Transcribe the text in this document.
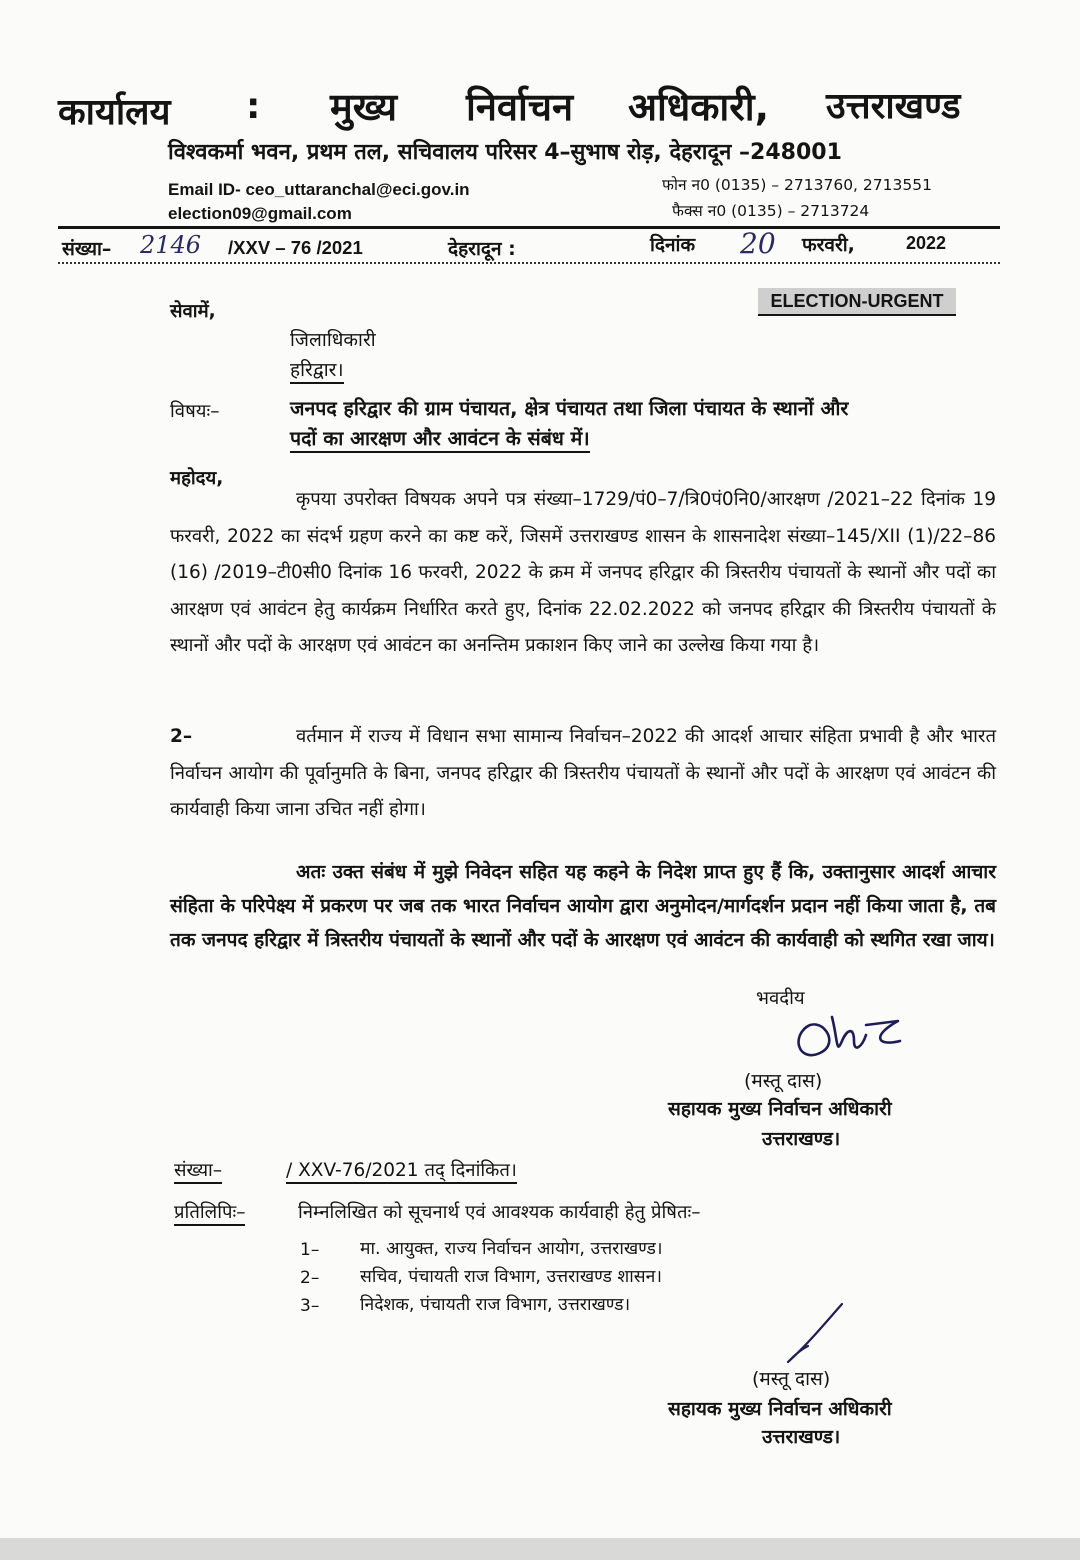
कार्यालय : मुख्य निर्वाचन अधिकारी, उत्तराखण्ड
विश्वकर्मा भवन, प्रथम तल, सचिवालय परिसर 4–सुभाष रोड़, देहरादून –248001
Email ID- ceo_uttaranchal@eci.gov.in
election09@gmail.com
फोन न0 (0135) – 2713760, 2713551
फैक्स न0 (0135) – 2713724
संख्या– 2146 /XXV – 76 /2021	देहरादून :	दिनांक 20 फरवरी,	2022
सेवामें,	ELECTION-URGENT
जिलाधिकारी
हरिद्वार।
विषयः–	जनपद हरिद्वार की ग्राम पंचायत, क्षेत्र पंचायत तथा जिला पंचायत के स्थानों और
पदों का आरक्षण और आवंटन के संबंध में।
महोदय,
कृपया उपरोक्त विषयक अपने पत्र संख्या–1729/पं0–7/त्रि0पं0नि0/आरक्षण /2021–22 दिनांक 19 फरवरी, 2022 का संदर्भ ग्रहण करने का कष्ट करें, जिसमें उत्तराखण्ड शासन के शासनादेश संख्या–145/XII (1)/22–86 (16) /2019–टी0सी0 दिनांक 16 फरवरी, 2022 के क्रम में जनपद हरिद्वार की त्रिस्तरीय पंचायतों के स्थानों और पदों का आरक्षण एवं आवंटन हेतु कार्यक्रम निर्धारित करते हुए, दिनांक 22.02.2022 को जनपद हरिद्वार की त्रिस्तरीय पंचायतों के स्थानों और पदों के आरक्षण एवं आवंटन का अनन्तिम प्रकाशन किए जाने का उल्लेख किया गया है।
2–	वर्तमान में राज्य में विधान सभा सामान्य निर्वाचन–2022 की आदर्श आचार संहिता प्रभावी है और भारत निर्वाचन आयोग की पूर्वानुमति के बिना, जनपद हरिद्वार की त्रिस्तरीय पंचायतों के स्थानों और पदों के आरक्षण एवं आवंटन की कार्यवाही किया जाना उचित नहीं होगा।
अतः उक्त संबंध में मुझे निवेदन सहित यह कहने के निदेश प्राप्त हुए हैं कि, उक्तानुसार आदर्श आचार संहिता के परिपेक्ष्य में प्रकरण पर जब तक भारत निर्वाचन आयोग द्वारा अनुमोदन/मार्गदर्शन प्रदान नहीं किया जाता है, तब तक जनपद हरिद्वार में त्रिस्तरीय पंचायतों के स्थानों और पदों के आरक्षण एवं आवंटन की कार्यवाही को स्थगित रखा जाय।
भवदीय
(मस्तू दास)
सहायक मुख्य निर्वाचन अधिकारी
उत्तराखण्ड।
संख्या–	/ XXV-76/2021 तद् दिनांकित।
प्रतिलिपिः–	निम्नलिखित को सूचनार्थ एवं आवश्यक कार्यवाही हेतु प्रेषितः–
1– मा. आयुक्त, राज्य निर्वाचन आयोग, उत्तराखण्ड।
2– सचिव, पंचायती राज विभाग, उत्तराखण्ड शासन।
3– निदेशक, पंचायती राज विभाग, उत्तराखण्ड।
(मस्तू दास)
सहायक मुख्य निर्वाचन अधिकारी
उत्तराखण्ड।
